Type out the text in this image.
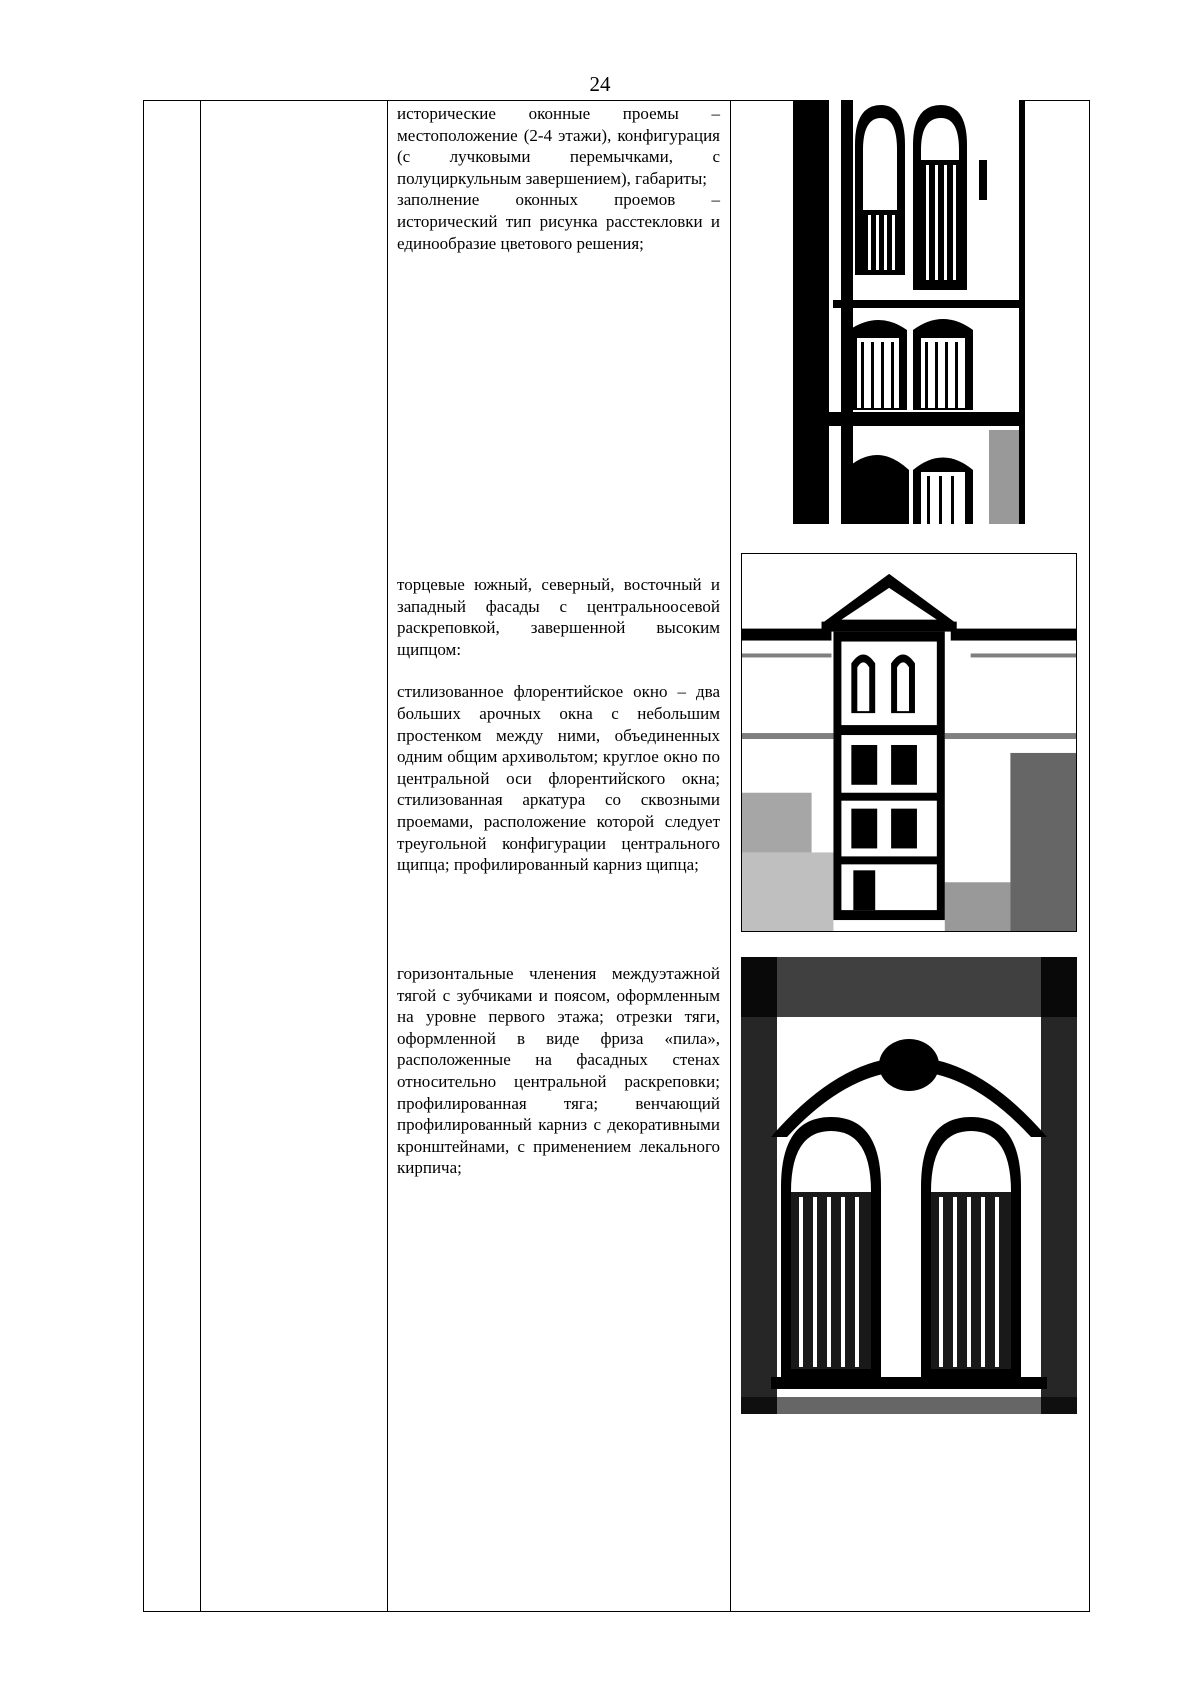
24

исторические оконные проемы – местоположение (2-4 этажи), конфигурация (с лучковыми перемычками, с полуциркульным завершением), габариты;

заполнение оконных проемов – исторический тип рисунка расстекловки и единообразие цветового решения;

торцевые южный, северный, восточный и западный фасады с центральноосевой раскреповкой, завершенной высоким щипцом:

стилизованное флорентийское окно – два больших арочных окна с небольшим простенком между ними, объединенных одним общим архивольтом; круглое окно по центральной оси флорентийского окна; стилизованная аркатура со сквозными проемами, расположение которой следует треугольной конфигурации центрального щипца; профилированный карниз щипца;

горизонтальные членения междуэтажной тягой с зубчиками и поясом, оформленным на уровне первого этажа; отрезки тяги, оформленной в виде фриза «пила», расположенные на фасадных стенах относительно центральной раскреповки; профилированная тяга; венчающий профилированный карниз с декоративными кронштейнами, с применением лекального кирпича;
